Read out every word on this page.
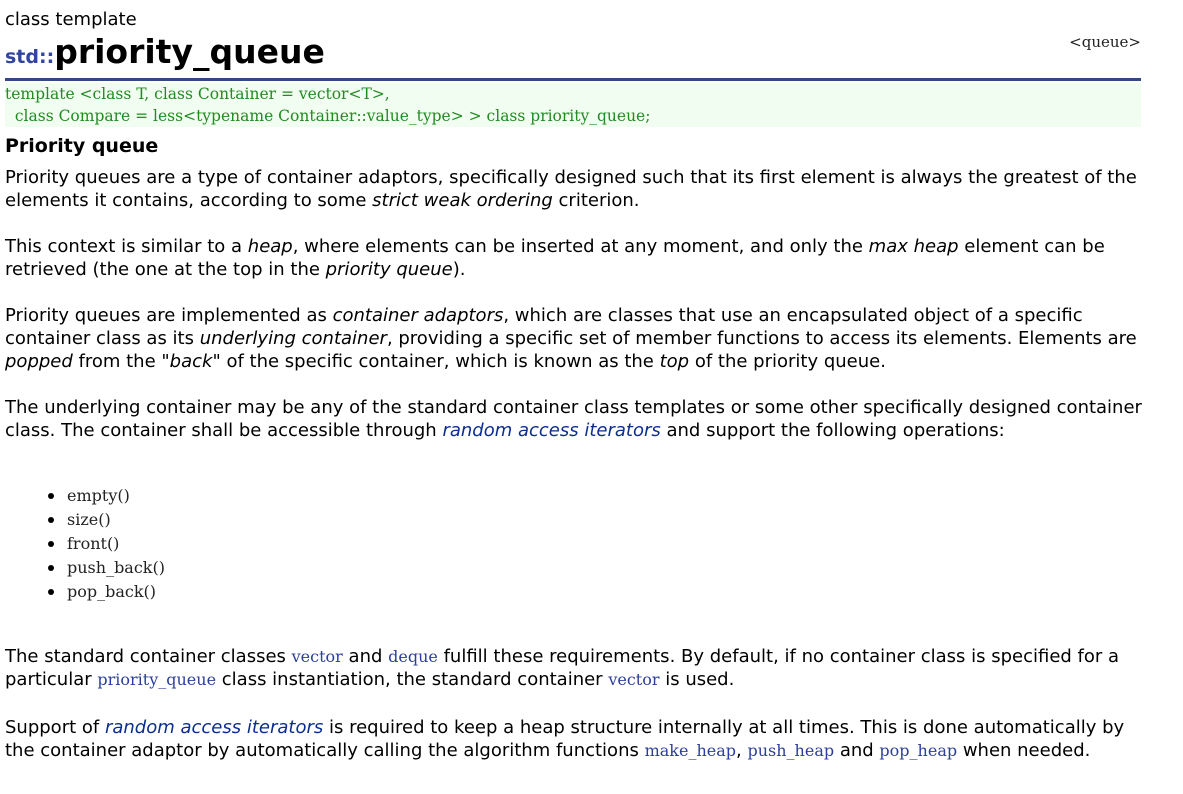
class template
std::priority_queue	<queue>
template <class T, class Container = vector<T>,
class Compare = less<typename Container::value_type> > class priority_queue;
Priority queue
Priority queues are a type of container adaptors, specifically designed such that its first element is always the greatest of the elements it contains, according to some strict weak ordering criterion.
This context is similar to a heap, where elements can be inserted at any moment, and only the max heap element can be retrieved (the one at the top in the priority queue).
Priority queues are implemented as container adaptors, which are classes that use an encapsulated object of a specific container class as its underlying container, providing a specific set of member functions to access its elements. Elements are popped from the "back" of the specific container, which is known as the top of the priority queue.
The underlying container may be any of the standard container class templates or some other specifically designed container class. The container shall be accessible through random access iterators and support the following operations:
empty()
size()
front()
push_back()
pop_back()
The standard container classes vector and deque fulfill these requirements. By default, if no container class is specified for a particular priority_queue class instantiation, the standard container vector is used.
Support of random access iterators is required to keep a heap structure internally at all times. This is done automatically by the container adaptor by automatically calling the algorithm functions make_heap, push_heap and pop_heap when needed.
